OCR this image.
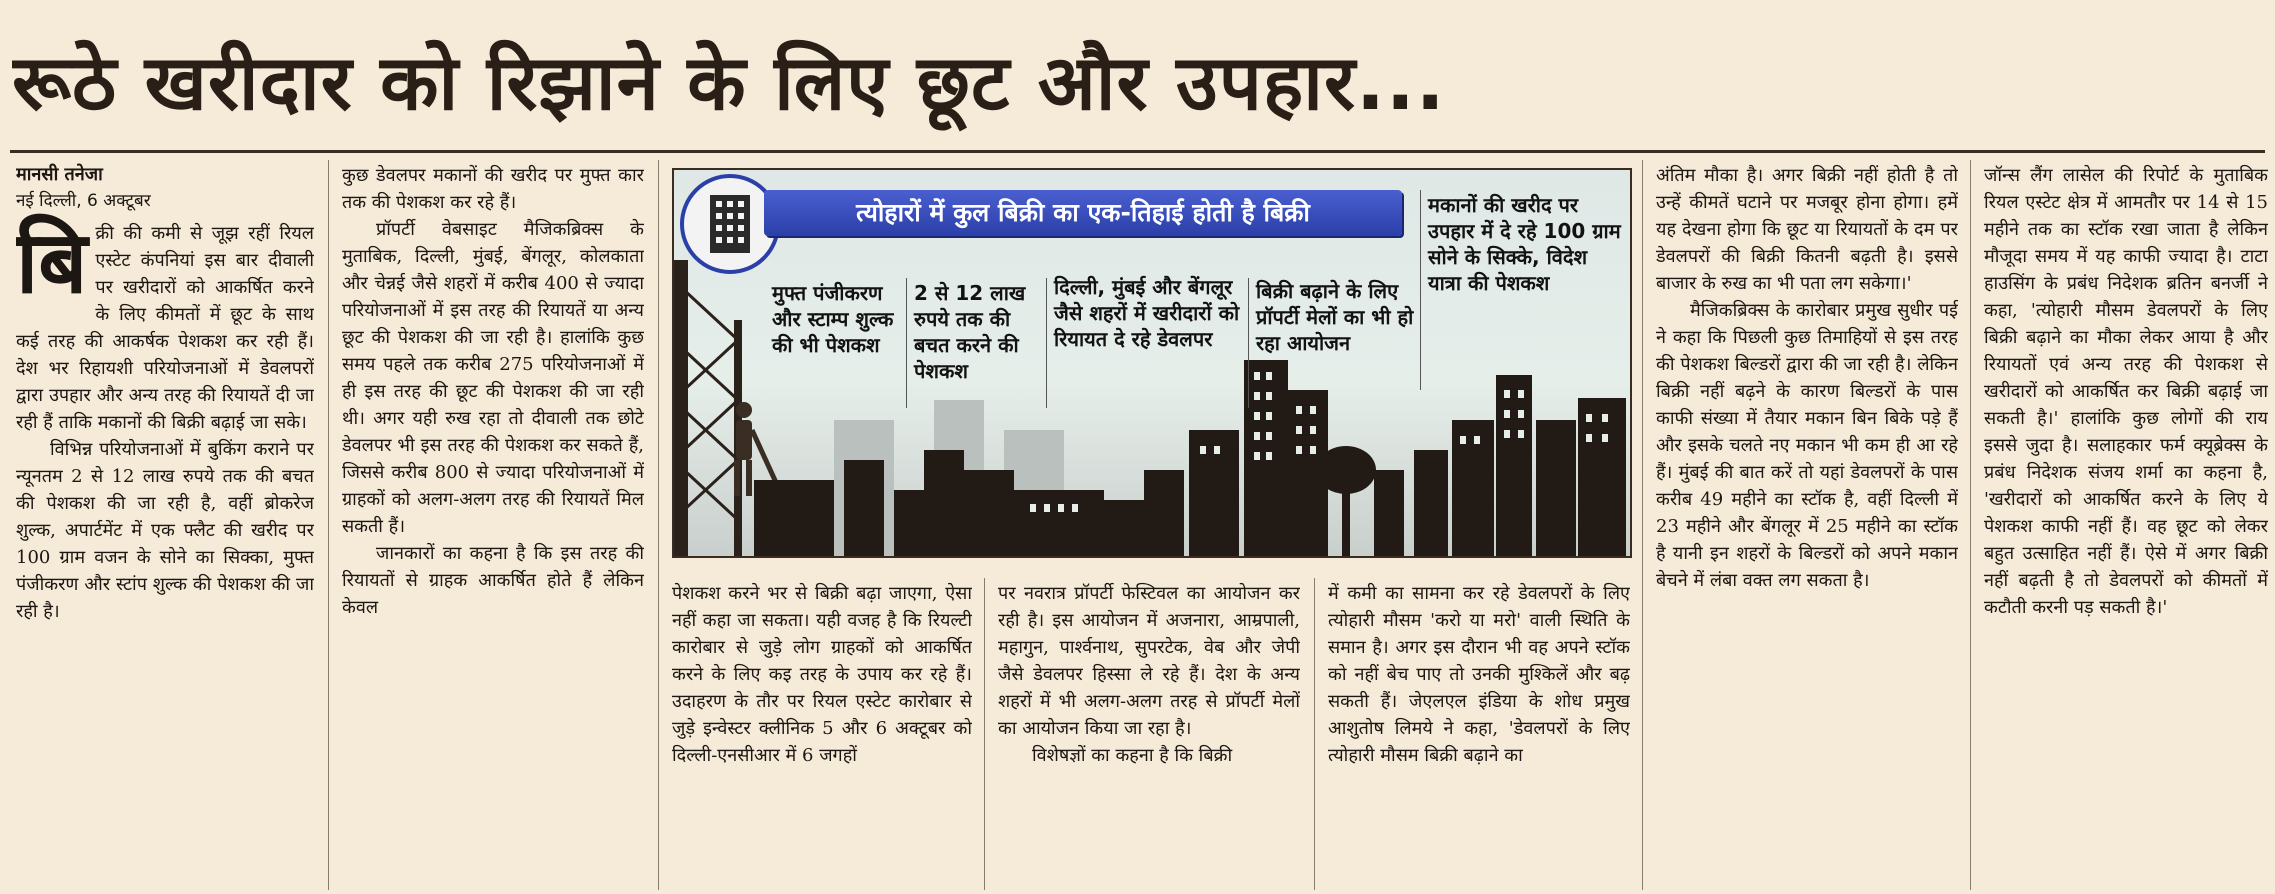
रूठे खरीदार को रिझाने के लिए छूट और उपहार...
मानसी तनेजा
नई दिल्ली, 6 अक्टूबर
बि क्री की कमी से जूझ रहीं रियल एस्टेट कंपनियां इस बार दीवाली पर खरीदारों को आकर्षित करने के लिए कीमतों में छूट के साथ कई तरह की आकर्षक पेशकश कर रही हैं। देश भर रिहायशी परियोजनाओं में डेवलपरों द्वारा उपहार और अन्य तरह की रियायतें दी जा रही हैं ताकि मकानों की बिक्री बढ़ाई जा सके।

विभिन्न परियोजनाओं में बुकिंग कराने पर न्यूनतम 2 से 12 लाख रुपये तक की बचत की पेशकश की जा रही है, वहीं ब्रोकरेज शुल्क, अपार्टमेंट में एक फ्लैट की खरीद पर 100 ग्राम वजन के सोने का सिक्का, मुफ्त पंजीकरण और स्टांप शुल्क की पेशकश की जा रही है।

कुछ डेवलपर मकानों की खरीद पर मुफ्त कार तक की पेशकश कर रहे हैं।

प्रॉपर्टी वेबसाइट मैजिकब्रिक्स के मुताबिक, दिल्ली, मुंबई, बेंगलूर, कोलकाता और चेन्नई जैसे शहरों में करीब 400 से ज्यादा परियोजनाओं में इस तरह की रियायतें या अन्य छूट की पेशकश की जा रही है। हालांकि कुछ समय पहले तक करीब 275 परियोजनाओं में ही इस तरह की छूट की पेशकश की जा रही थी। अगर यही रुख रहा तो दीवाली तक छोटे डेवलपर भी इस तरह की पेशकश कर सकते हैं, जिससे करीब 800 से ज्यादा परियोजनाओं में ग्राहकों को अलग-अलग तरह की रियायतें मिल सकती हैं।

जानकारों का कहना है कि इस तरह की रियायतों से ग्राहक आकर्षित होते हैं लेकिन केवल

त्योहारों में कुल बिक्री का एक-तिहाई होती है बिक्री
मुफ्त पंजीकरण और स्टाम्प शुल्क की भी पेशकश
2 से 12 लाख रुपये तक की बचत करने की पेशकश
दिल्ली, मुंबई और बेंगलूर जैसे शहरों में खरीदारों को रियायत दे रहे डेवलपर
बिक्री बढ़ाने के लिए प्रॉपर्टी मेलों का भी हो रहा आयोजन
मकानों की खरीद पर उपहार में दे रहे 100 ग्राम सोने के सिक्के, विदेश यात्रा की पेशकश

पेशकश करने भर से बिक्री बढ़ा जाएगा, ऐसा नहीं कहा जा सकता। यही वजह है कि रियल्टी कारोबार से जुड़े लोग ग्राहकों को आकर्षित करने के लिए कइ तरह के उपाय कर रहे हैं। उदाहरण के तौर पर रियल एस्टेट कारोबार से जुड़े इन्वेस्टर क्लीनिक 5 और 6 अक्टूबर को दिल्ली-एनसीआर में 6 जगहों

पर नवरात्र प्रॉपर्टी फेस्टिवल का आयोजन कर रही है। इस आयोजन में अजनारा, आम्रपाली, महागुन, पार्श्वनाथ, सुपरटेक, वेब और जेपी जैसे डेवलपर हिस्सा ले रहे हैं। देश के अन्य शहरों में भी अलग-अलग तरह से प्रॉपर्टी मेलों का आयोजन किया जा रहा है।

विशेषज्ञों का कहना है कि बिक्री

में कमी का सामना कर रहे डेवलपरों के लिए त्योहारी मौसम 'करो या मरो' वाली स्थिति के समान है। अगर इस दौरान भी वह अपने स्टॉक को नहीं बेच पाए तो उनकी मुश्किलें और बढ़ सकती हैं। जेएलएल इंडिया के शोध प्रमुख आशुतोष लिमये ने कहा, 'डेवलपरों के लिए त्योहारी मौसम बिक्री बढ़ाने का

अंतिम मौका है। अगर बिक्री नहीं होती है तो उन्हें कीमतें घटाने पर मजबूर होना होगा। हमें यह देखना होगा कि छूट या रियायतों के दम पर डेवलपरों की बिक्री कितनी बढ़ती है। इससे बाजार के रुख का भी पता लग सकेगा।'

मैजिकब्रिक्स के कारोबार प्रमुख सुधीर पई ने कहा कि पिछली कुछ तिमाहियों से इस तरह की पेशकश बिल्डरों द्वारा की जा रही है। लेकिन बिक्री नहीं बढ़ने के कारण बिल्डरों के पास काफी संख्या में तैयार मकान बिन बिके पड़े हैं और इसके चलते नए मकान भी कम ही आ रहे हैं। मुंबई की बात करें तो यहां डेवलपरों के पास करीब 49 महीने का स्टॉक है, वहीं दिल्ली में 23 महीने और बेंगलूर में 25 महीने का स्टॉक है यानी इन शहरों के बिल्डरों को अपने मकान बेचने में लंबा वक्त लग सकता है।

जॉन्स लैंग लासेल की रिपोर्ट के मुताबिक रियल एस्टेट क्षेत्र में आमतौर पर 14 से 15 महीने तक का स्टॉक रखा जाता है लेकिन मौजूदा समय में यह काफी ज्यादा है। टाटा हाउसिंग के प्रबंध निदेशक ब्रतिन बनर्जी ने कहा, 'त्योहारी मौसम डेवलपरों के लिए बिक्री बढ़ाने का मौका लेकर आया है और रियायतों एवं अन्य तरह की पेशकश से खरीदारों को आकर्षित कर बिक्री बढ़ाई जा सकती है।' हालांकि कुछ लोगों की राय इससे जुदा है। सलाहकार फर्म क्यूब्रेक्स के प्रबंध निदेशक संजय शर्मा का कहना है, 'खरीदारों को आकर्षित करने के लिए ये पेशकश काफी नहीं हैं। वह छूट को लेकर बहुत उत्साहित नहीं हैं। ऐसे में अगर बिक्री नहीं बढ़ती है तो डेवलपरों को कीमतों में कटौती करनी पड़ सकती है।'
